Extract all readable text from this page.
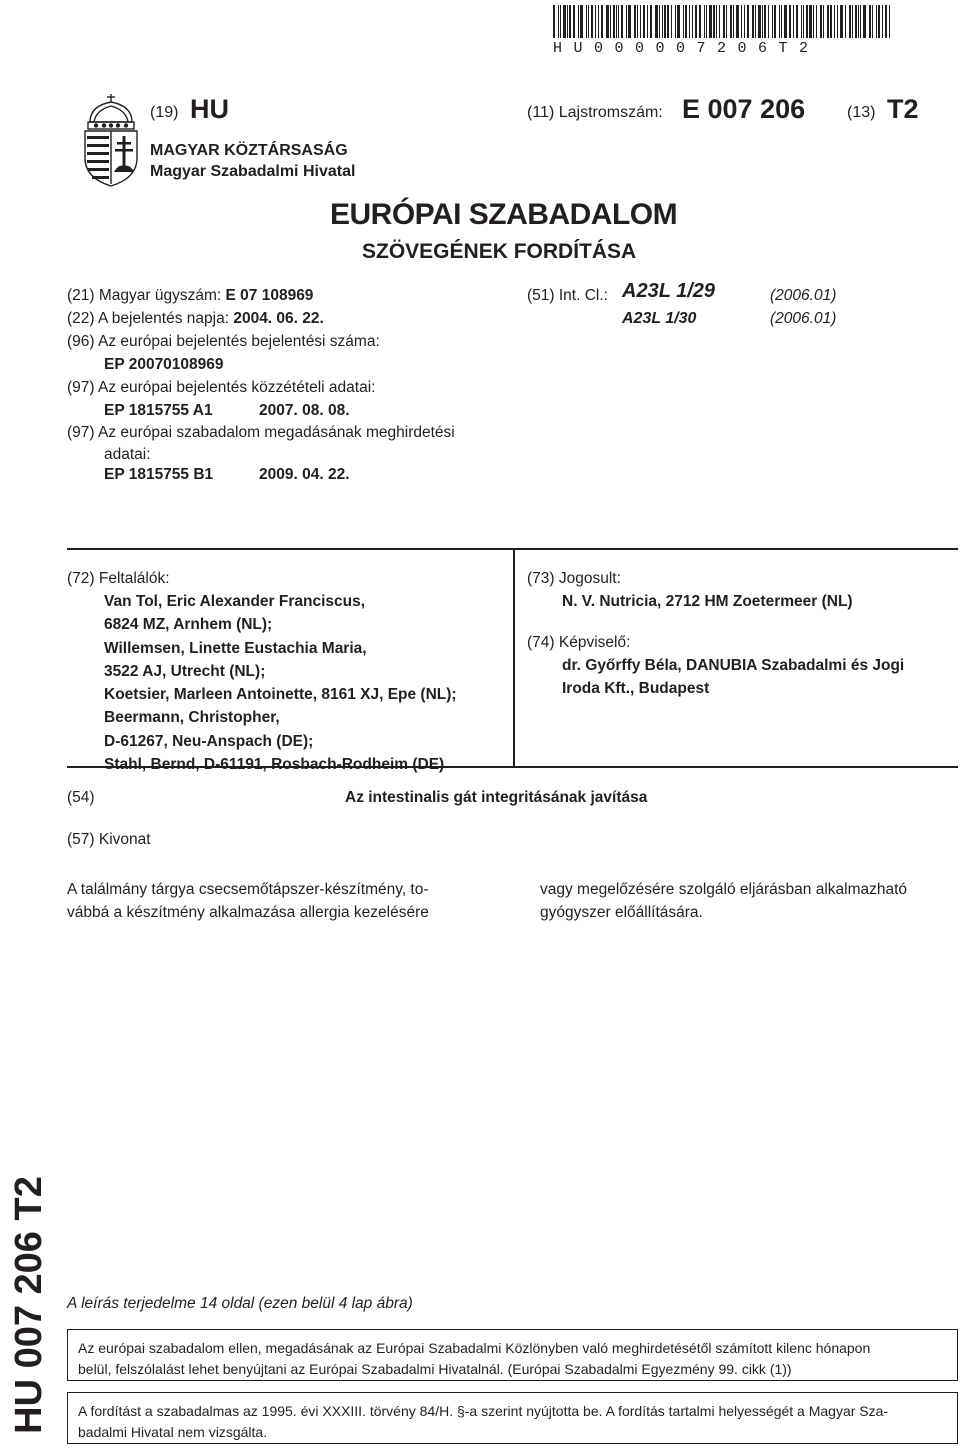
HU000007206T2
(19) HU	(11) Lajstromszám: E 007 206	(13) T2
MAGYAR KÖZTÁRSASÁG
Magyar Szabadalmi Hivatal
EURÓPAI SZABADALOM
SZÖVEGÉNEK FORDÍTÁSA
(21) Magyar ügyszám: E 07 108969
(22) A bejelentés napja: 2004. 06. 22.
(96) Az európai bejelentés bejelentési száma:
EP 20070108969
(97) Az európai bejelentés közzétételi adatai:
EP 1815755 A1	2007. 08. 08.
(97) Az európai szabadalom megadásának meghirdetési
adatai:
EP 1815755 B1	2009. 04. 22.
(51) Int. Cl.: A23L 1/29	(2006.01)
A23L 1/30	(2006.01)
(72) Feltalálók:
Van Tol, Eric Alexander Franciscus,
6824 MZ, Arnhem (NL);
Willemsen, Linette Eustachia Maria,
3522 AJ, Utrecht (NL);
Koetsier, Marleen Antoinette, 8161 XJ, Epe (NL);
Beermann, Christopher,
D-61267, Neu-Anspach (DE);
Stahl, Bernd, D-61191, Rosbach-Rodheim (DE)
(73) Jogosult:
N. V. Nutricia, 2712 HM Zoetermeer (NL)
(74) Képviselő:
dr. Győrffy Béla, DANUBIA Szabadalmi és Jogi
Iroda Kft., Budapest
(54)	Az intestinalis gát integritásának javítása
(57) Kivonat
A találmány tárgya csecsemőtápszer-készítmény, to-
vábbá a készítmény alkalmazása allergia kezelésére
vagy megelőzésére szolgáló eljárásban alkalmazható
gyógyszer előállítására.
HU 007 206 T2 A leírás terjedelme 14 oldal (ezen belül 4 lap ábra)
Az európai szabadalom ellen, megadásának az Európai Szabadalmi Közlönyben való meghirdetésétől számított kilenc hónapon
belül, felszólalást lehet benyújtani az Európai Szabadalmi Hivatalnál. (Európai Szabadalmi Egyezmény 99. cikk (1))
A fordítást a szabadalmas az 1995. évi XXXIII. törvény 84/H. §-a szerint nyújtotta be. A fordítás tartalmi helyességét a Magyar Sza-
badalmi Hivatal nem vizsgálta.
